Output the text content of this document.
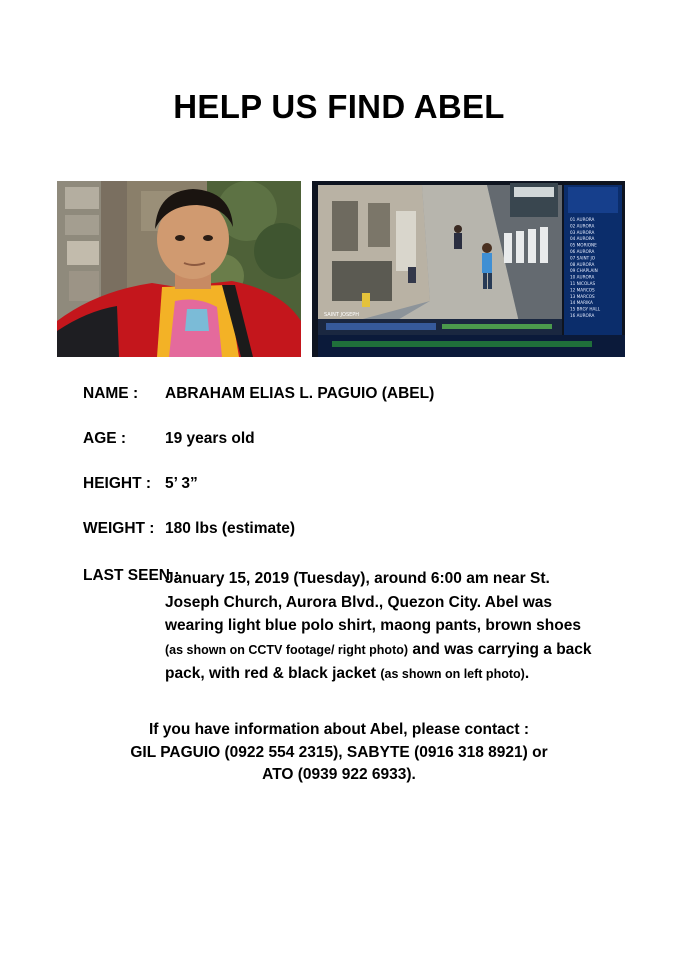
HELP US FIND ABEL
SAINT JOSEPH
01 AURORA
02 AURORA
03 AURORA
04 AURORA
05 MORIONE
06 AURORA
07 SAINT JO
08 AURORA
09 CHAPLAIN
10 AURORA
11 NICOLAS
12 MARCOS
13 MARCOS
14 MARIKA
15 BRGY HALL
16 AURORA
NAME : ABRAHAM ELIAS L. PAGUIO (ABEL)
AGE :	19 years old
HEIGHT : 5’ 3”
WEIGHT : 180 lbs (estimate)
LAST SEEN :
January 15, 2019 (Tuesday), around 6:00 am near St. Joseph Church, Aurora Blvd., Quezon City. Abel was wearing light blue polo shirt, maong pants, brown shoes (as shown on CCTV footage/ right photo) and was carrying a back pack, with red & black jacket (as shown on left photo).
If you have information about Abel, please contact :
GIL PAGUIO (0922 554 2315), SABYTE (0916 318 8921) or
ATO (0939 922 6933).
